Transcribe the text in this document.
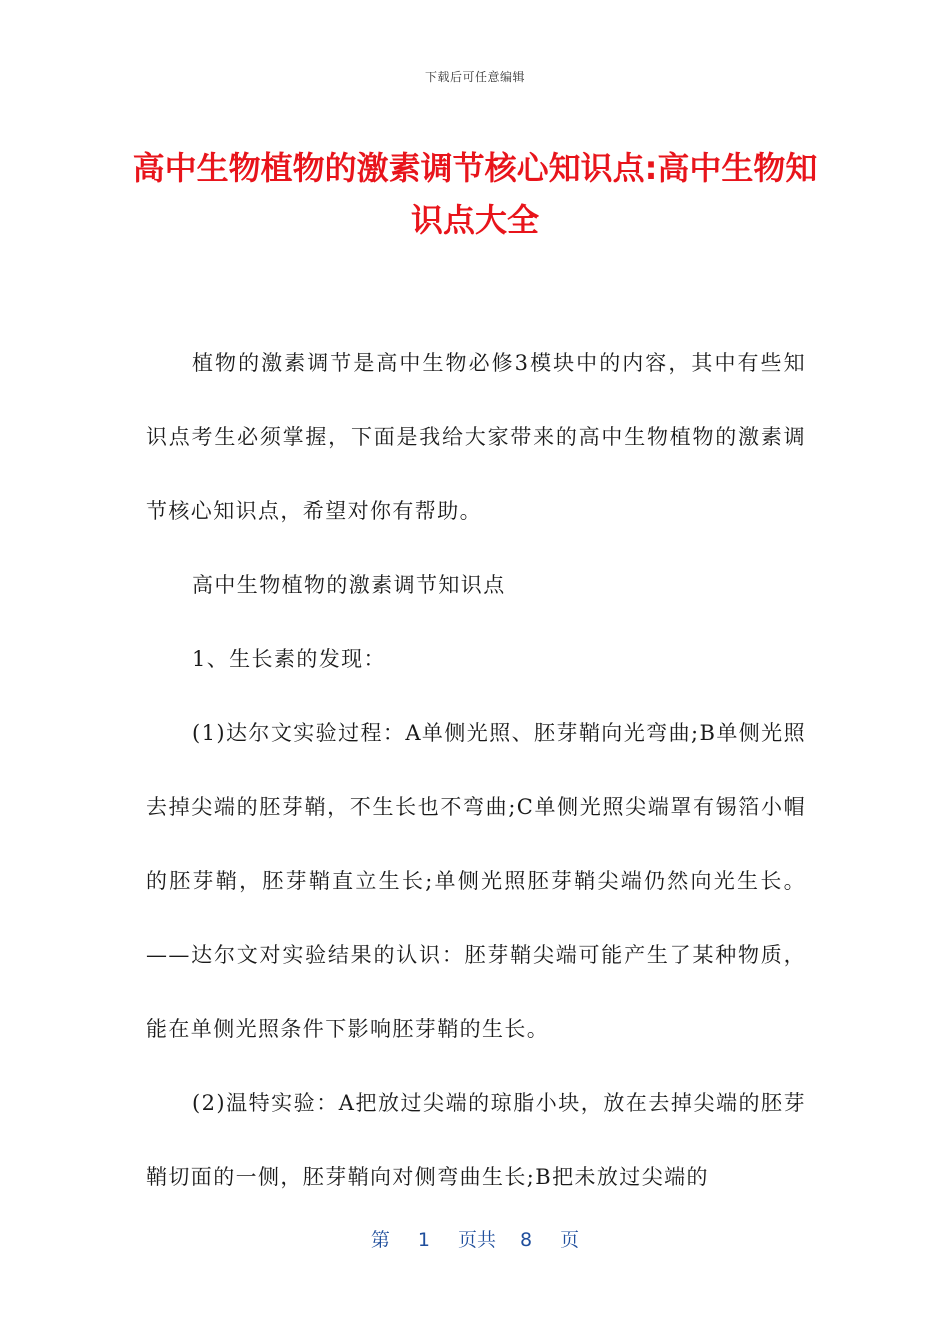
下载后可任意编辑
高中生物植物的激素调节核心知识点:高中生物知识点大全

植物的激素调节是高中生物必修3模块中的内容，其中有些知识点考生必须掌握，下面是我给大家带来的高中生物植物的激素调节核心知识点，希望对你有帮助。

高中生物植物的激素调节知识点

1、生长素的发现：

(1)达尔文实验过程：A单侧光照、胚芽鞘向光弯曲;B单侧光照去掉尖端的胚芽鞘，不生长也不弯曲;C单侧光照尖端罩有锡箔小帽的胚芽鞘，胚芽鞘直立生长;单侧光照胚芽鞘尖端仍然向光生长。——达尔文对实验结果的认识：胚芽鞘尖端可能产生了某种物质，能在单侧光照条件下影响胚芽鞘的生长。

(2)温特实验：A把放过尖端的琼脂小块，放在去掉尖端的胚芽鞘切面的一侧，胚芽鞘向对侧弯曲生长;B把未放过尖端的

第 1 页共 8 页
